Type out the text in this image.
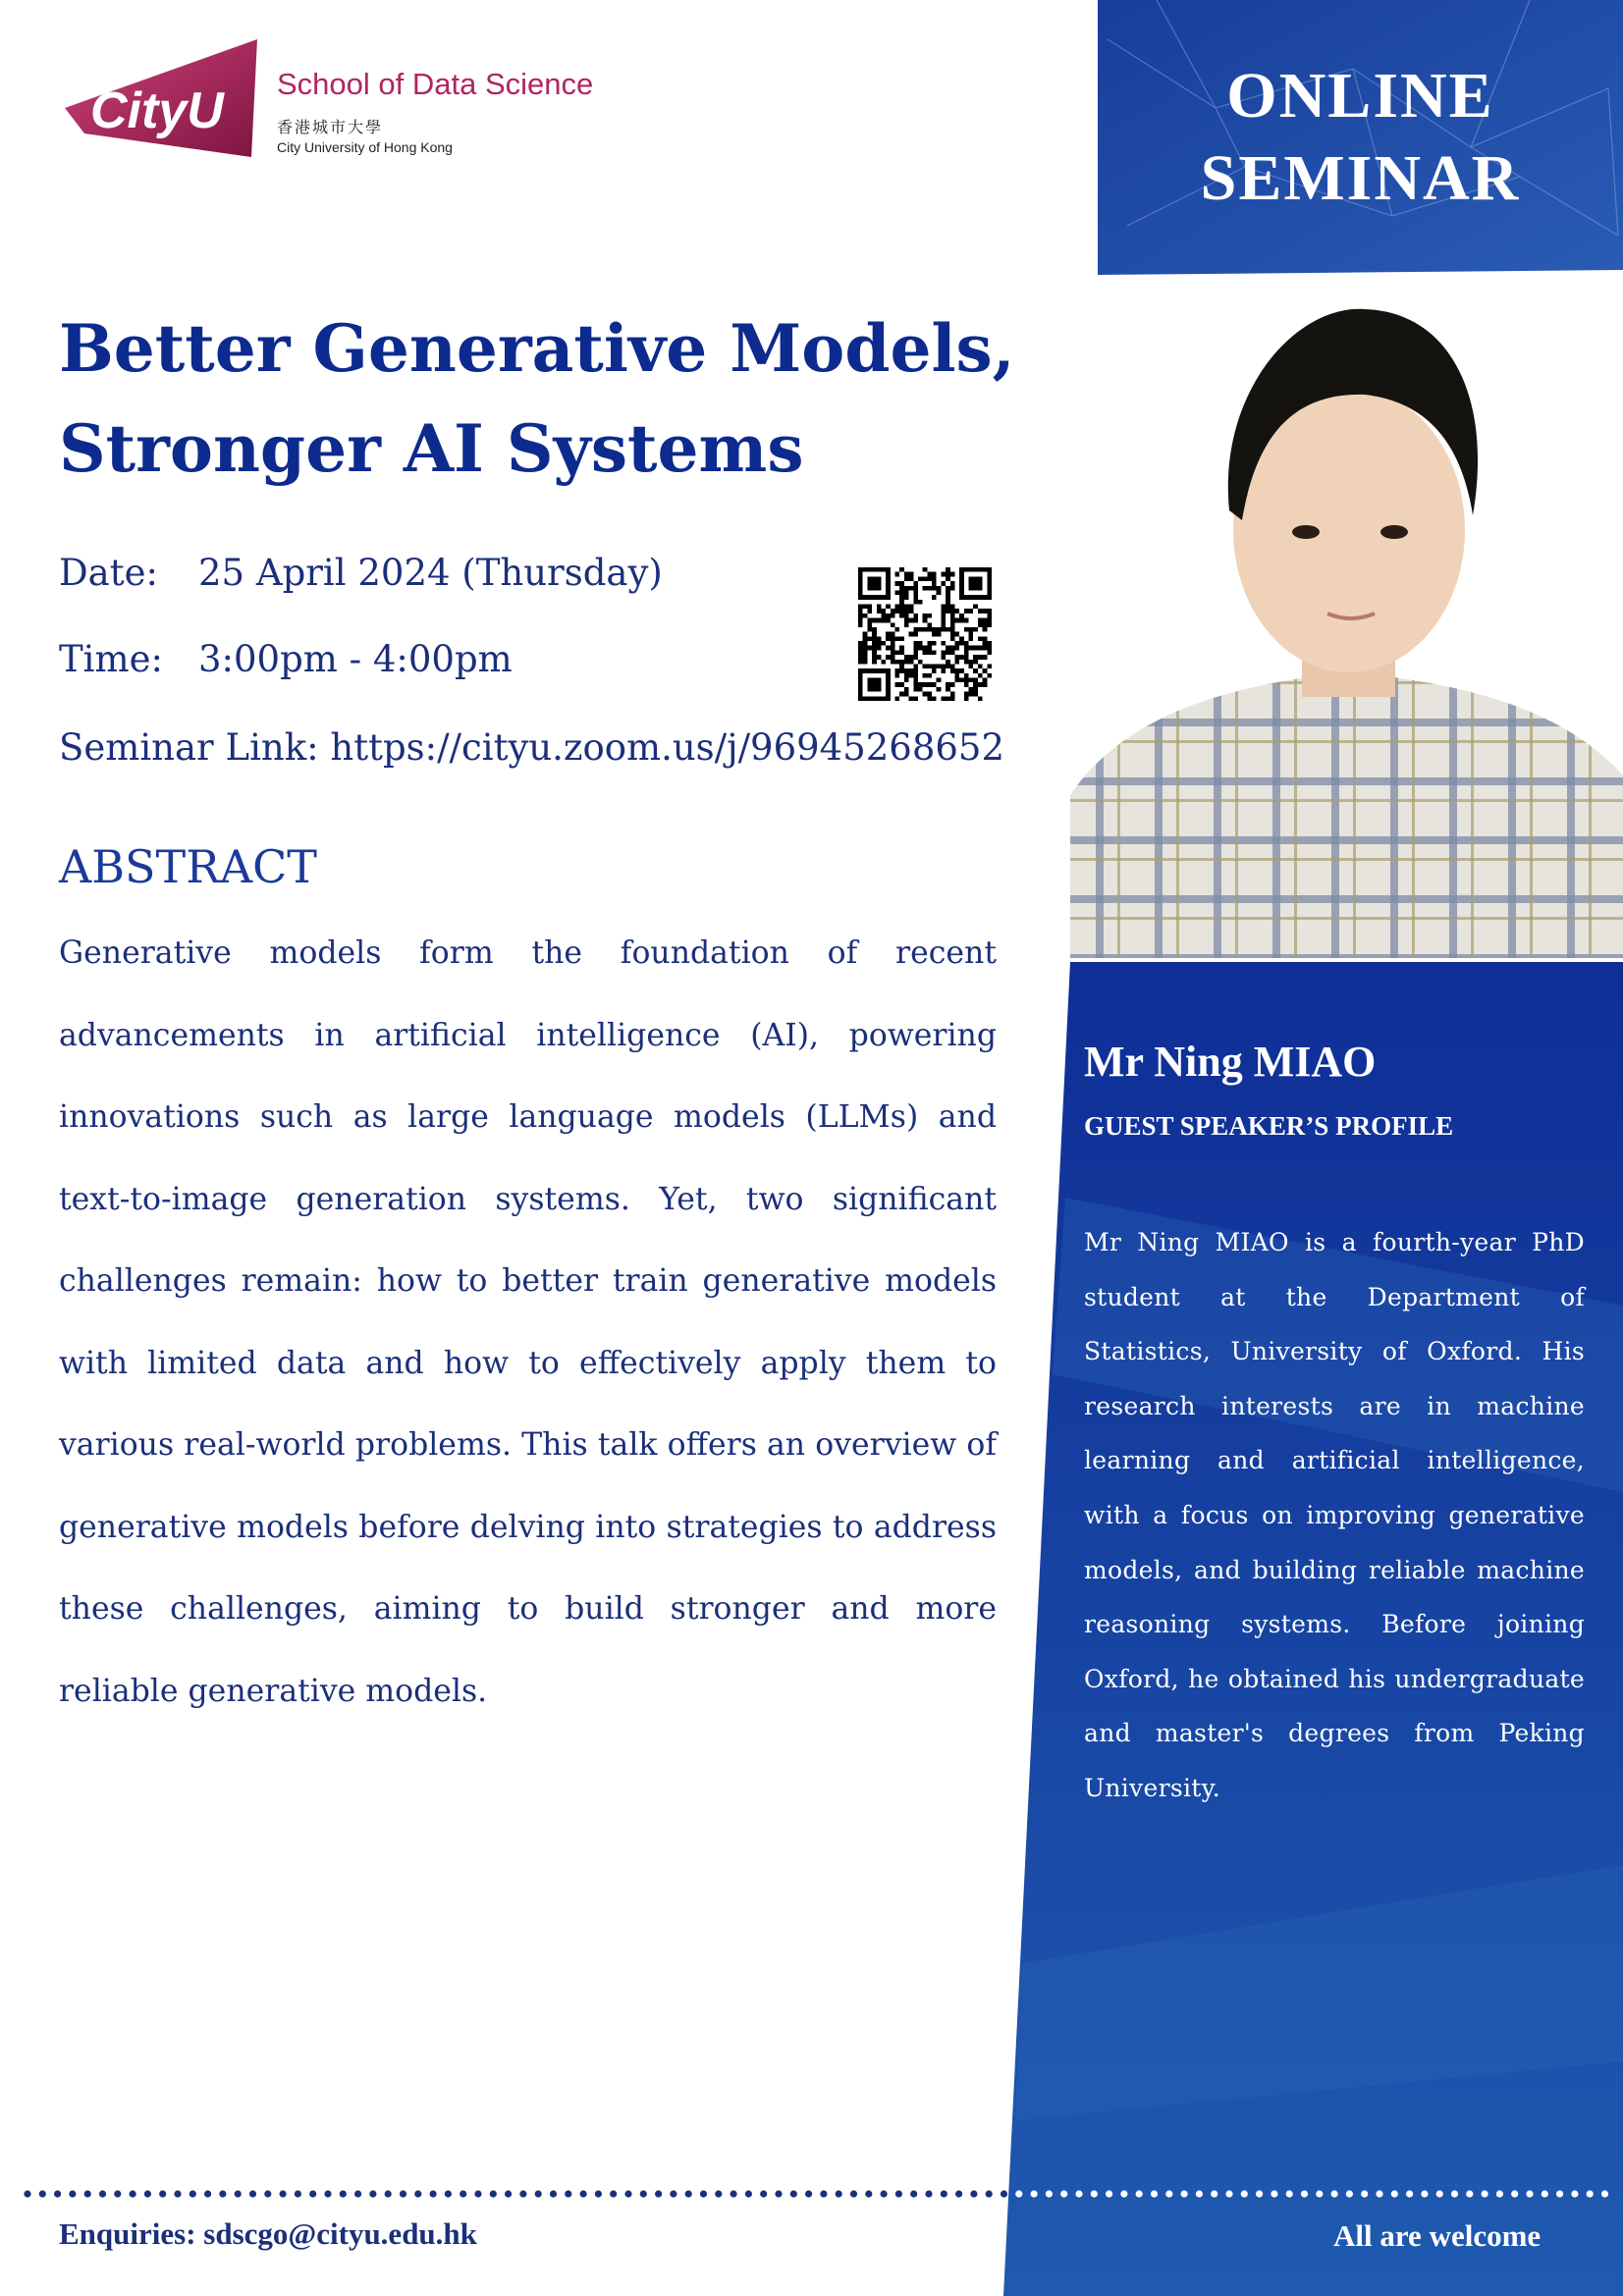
ONLINE
SEMINAR
CityU School of Data Science
香港城市大學
City University of Hong Kong
Better Generative Models,
Stronger AI Systems
Date: 25 April 2024 (Thursday)
Time: 3:00pm - 4:00pm
Seminar Link: https://cityu.zoom.us/j/96945268652
ABSTRACT
Generative models form the foundation of recent advancements in artificial intelligence (AI), powering innovations such as large language models (LLMs) and text-to-image generation systems. Yet, two significant challenges remain: how to better train generative models with limited data and how to effectively apply them to various real-world problems. This talk offers an overview of generative models before delving into strategies to address these challenges, aiming to build stronger and more reliable generative models.
Mr Ning MIAO
GUEST SPEAKER’S PROFILE
Mr Ning MIAO is a fourth-year PhD student at the Department of Statistics, University of Oxford. His research interests are in machine learning and artificial intelligence, with a focus on improving generative models, and building reliable machine reasoning systems. Before joining Oxford, he obtained his undergraduate and master's degrees from Peking University.
Enquiries: sdscgo@cityu.edu.hk	All are welcome
